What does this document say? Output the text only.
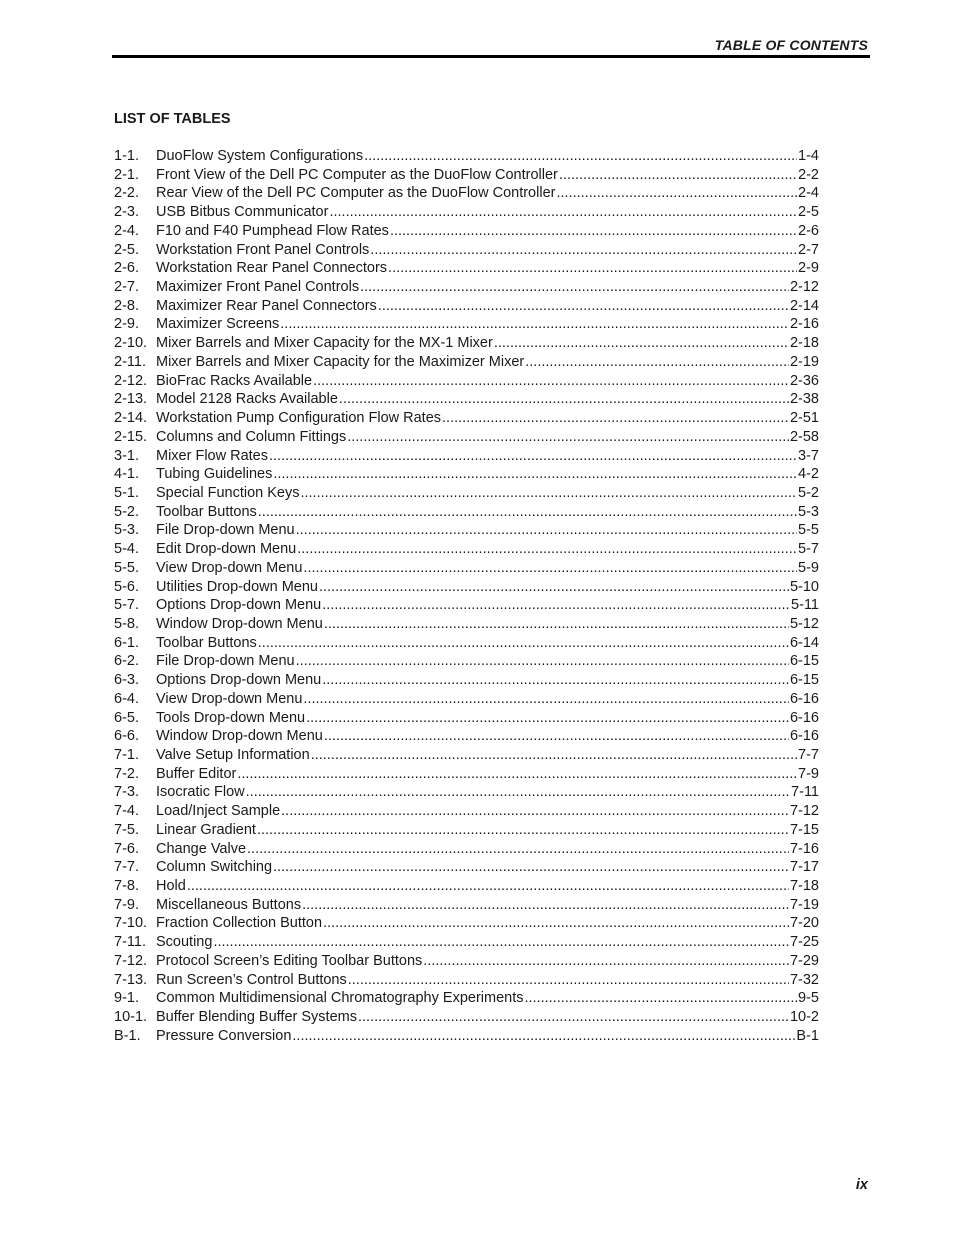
TABLE OF CONTENTS
LIST OF TABLES
1-1.	DuoFlow System Configurations .....	1-4
2-1.	Front View of the Dell PC Computer as the DuoFlow Controller .....	2-2
2-2.	Rear View of the Dell PC Computer as the DuoFlow Controller .....	2-4
2-3.	USB Bitbus Communicator .....	2-5
2-4.	F10 and F40 Pumphead Flow Rates .....	2-6
2-5.	Workstation Front Panel Controls .....	2-7
2-6.	Workstation Rear Panel Connectors .....	2-9
2-7.	Maximizer Front Panel Controls .....	2-12
2-8.	Maximizer Rear Panel Connectors .....	2-14
2-9.	Maximizer Screens .....	2-16
2-10. Mixer Barrels and Mixer Capacity for the MX-1 Mixer .....	2-18
2-11. Mixer Barrels and Mixer Capacity for the Maximizer Mixer .....	2-19
2-12. BioFrac Racks Available .....	2-36
2-13. Model 2128 Racks Available .....	2-38
2-14. Workstation Pump Configuration Flow Rates .....	2-51
2-15. Columns and Column Fittings .....	2-58
3-1.	Mixer Flow Rates .....	3-7
4-1.	Tubing Guidelines .....	4-2
5-1.	Special Function Keys .....	5-2
5-2.	Toolbar Buttons .....	5-3
5-3.	File Drop-down Menu .....	5-5
5-4.	Edit Drop-down Menu .....	5-7
5-5.	View Drop-down Menu .....	5-9
5-6.	Utilities Drop-down Menu .....	5-10
5-7.	Options Drop-down Menu .....	5-11
5-8.	Window Drop-down Menu .....	5-12
6-1.	Toolbar Buttons .....	6-14
6-2.	File Drop-down Menu .....	6-15
6-3.	Options Drop-down Menu .....	6-15
6-4.	View Drop-down Menu .....	6-16
6-5.	Tools Drop-down Menu .....	6-16
6-6.	Window Drop-down Menu .....	6-16
7-1.	Valve Setup Information .....	7-7
7-2.	Buffer Editor .....	7-9
7-3.	Isocratic Flow .....	7-11
7-4.	Load/Inject Sample .....	7-12
7-5.	Linear Gradient .....	7-15
7-6.	Change Valve .....	7-16
7-7.	Column Switching .....	7-17
7-8.	Hold .....	7-18
7-9.	Miscellaneous Buttons .....	7-19
7-10. Fraction Collection Button .....	7-20
7-11. Scouting .....	7-25
7-12. Protocol Screen’s Editing Toolbar Buttons .....	7-29
7-13. Run Screen’s Control Buttons .....	7-32
9-1.	Common Multidimensional Chromatography Experiments .....	9-5
10-1. Buffer Blending Buffer Systems .....	10-2
B-1.	Pressure Conversion .....	B-1
ix
